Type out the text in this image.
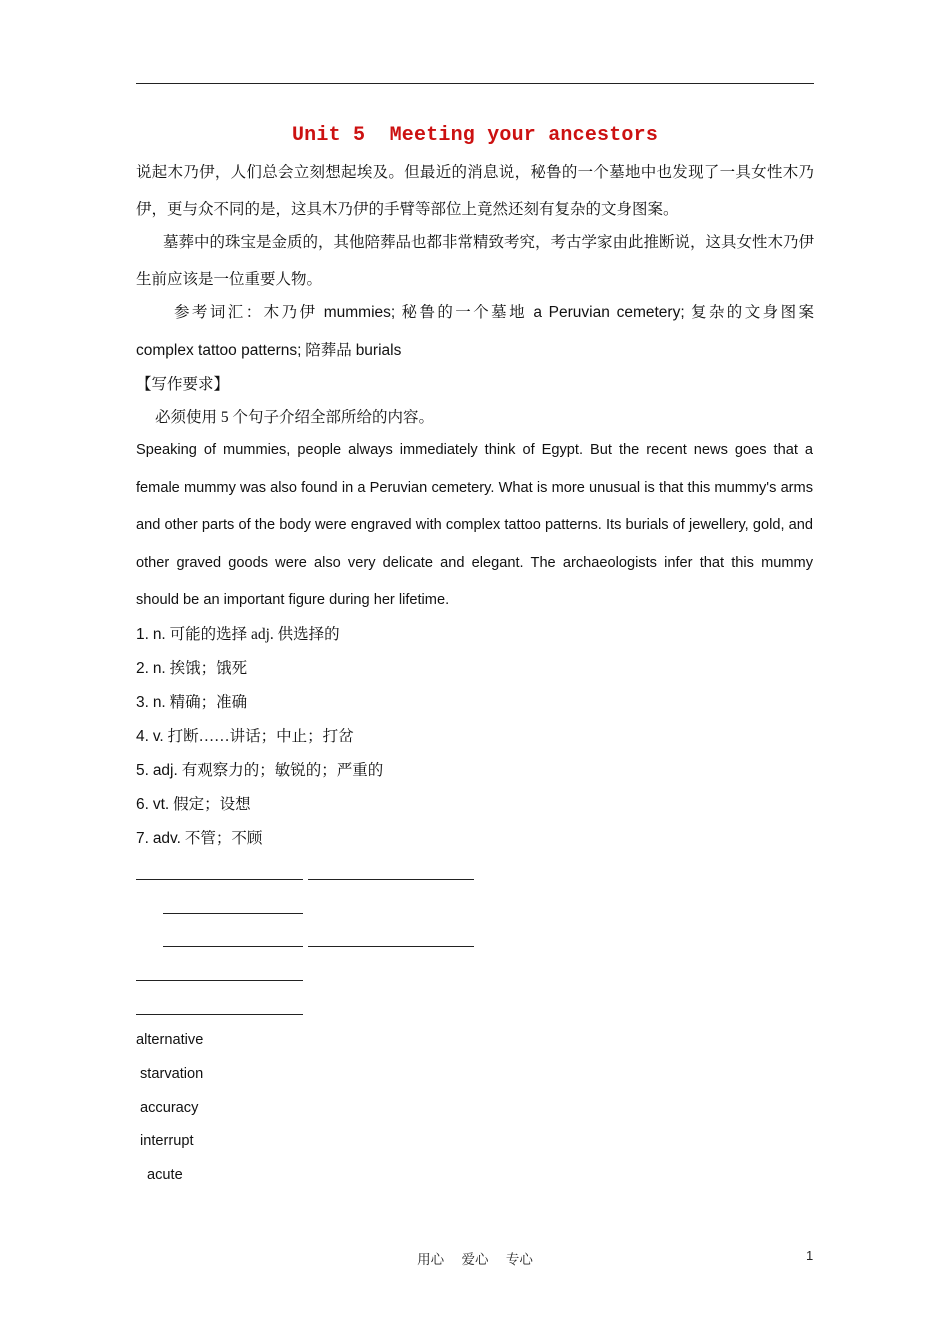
Unit 5  Meeting your ancestors
说起木乃伊，人们总会立刻想起埃及。但最近的消息说，秘鲁的一个墓地中也发现了一具女性木乃伊，更与众不同的是，这具木乃伊的手臂等部位上竟然还刻有复杂的文身图案。
墓葬中的珠宝是金质的，其他陪葬品也都非常精致考究，考古学家由此推断说，这具女性木乃伊生前应该是一位重要人物。
参考词汇：木乃伊 mummies; 秘鲁的一个墓地 a Peruvian cemetery; 复杂的文身图案
complex tattoo patterns; 陪葬品 burials
【写作要求】
必须使用 5 个句子介绍全部所给的内容。
Speaking of mummies, people always immediately think of Egypt. But the recent news goes that a female mummy was also found in a Peruvian cemetery. What is more unusual is that this mummy's arms and other parts of the body were engraved with complex tattoo patterns. Its burials of jewellery, gold, and other graved goods were also very delicate and elegant. The archaeologists infer that this mummy should be an important figure during her lifetime.
1. n. 可能的选择 adj. 供选择的
2. n. 挨饿；饿死
3. n. 精确；准确
4. v. 打断……讲话；中止；打岔
5. adj. 有观察力的；敏锐的；严重的
6. vt. 假定；设想
7. adv. 不管；不顾
alternative
starvation
accuracy
interrupt
acute
用心 爱心 专心	1
